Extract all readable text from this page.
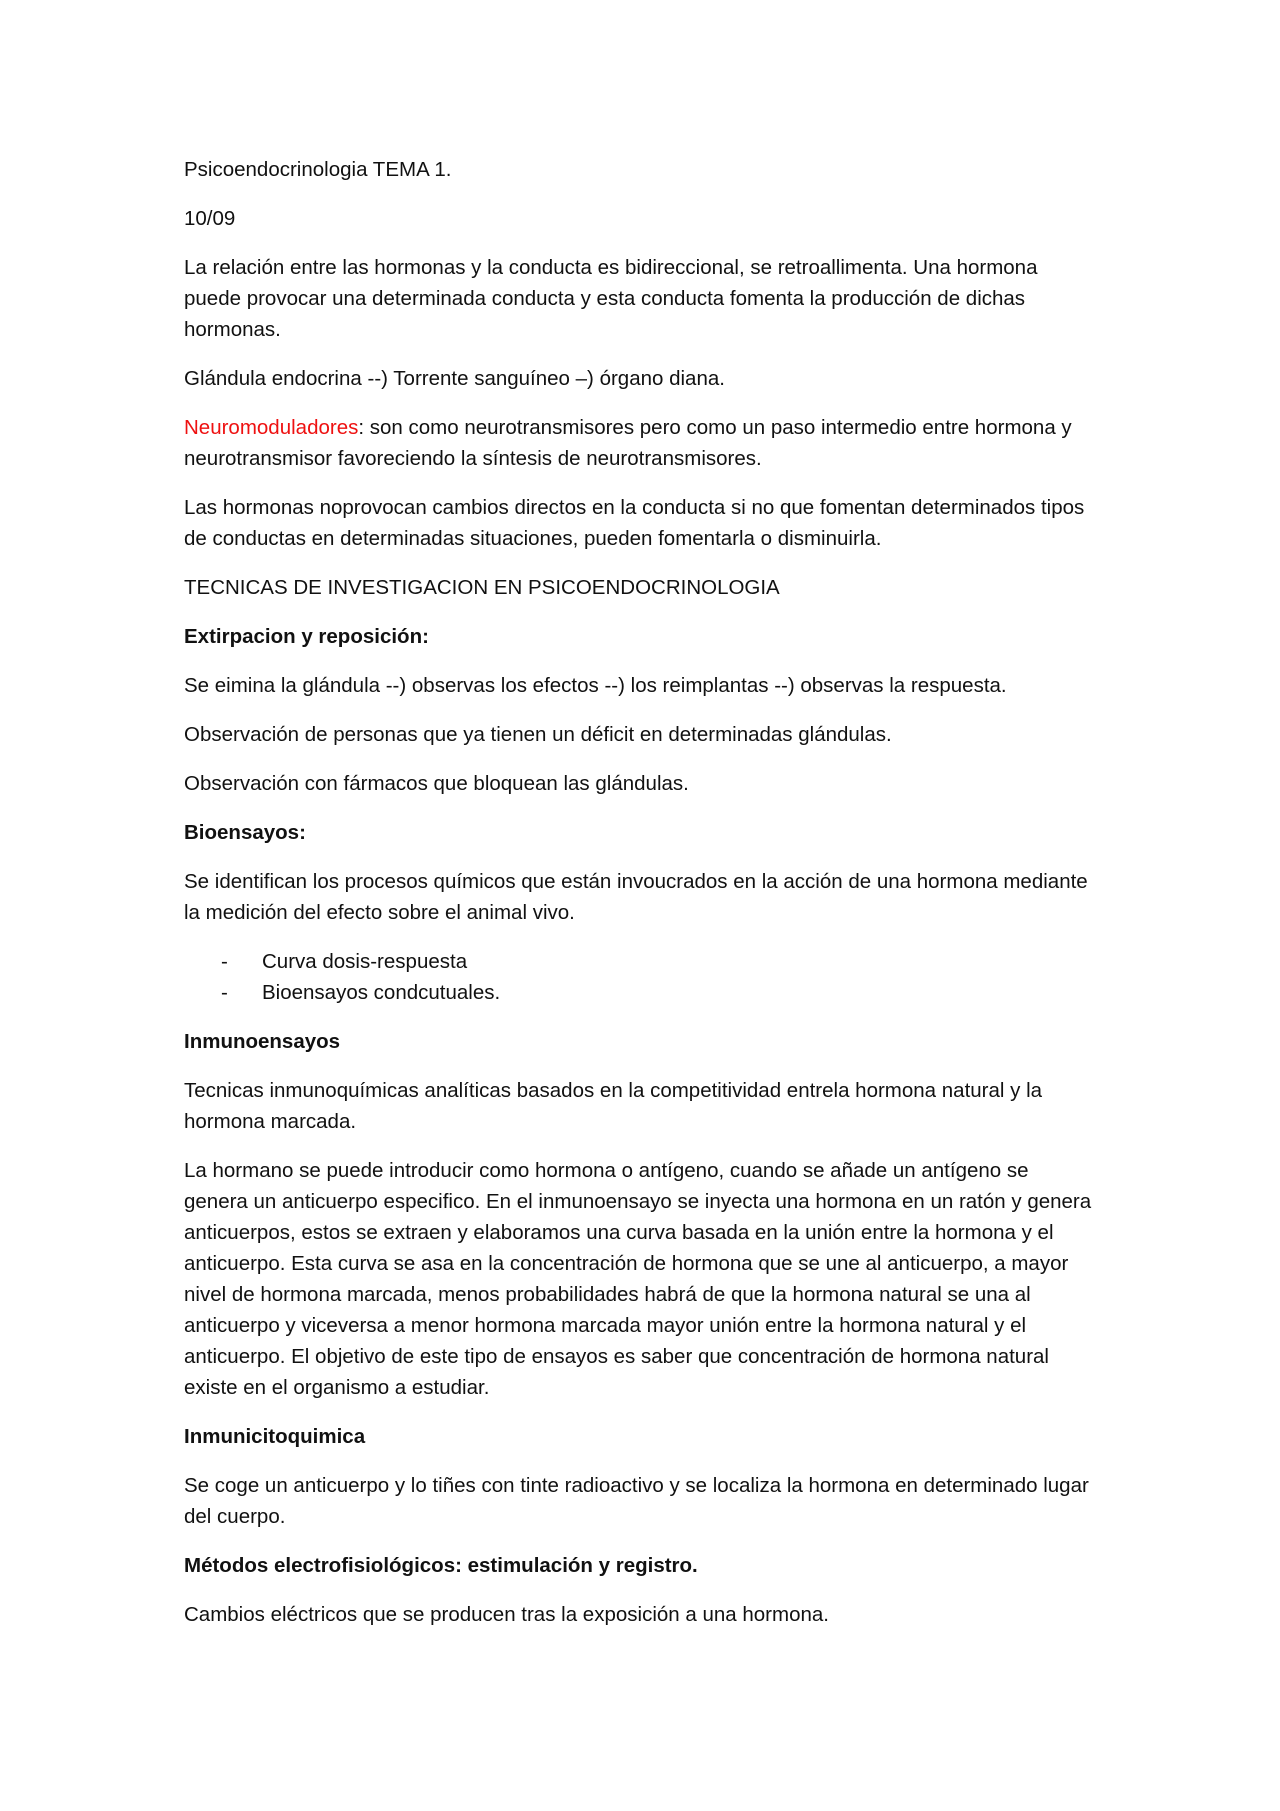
Psicoendocrinologia TEMA 1.

10/09

La relación entre las hormonas y la conducta es bidireccional, se retroallimenta. Una hormona puede provocar una determinada conducta y esta conducta fomenta la producción de dichas hormonas.

Glándula endocrina --) Torrente sanguíneo –) órgano diana.

Neuromoduladores: son como neurotransmisores pero como un paso intermedio entre hormona y neurotransmisor favoreciendo la síntesis de neurotransmisores.

Las hormonas noprovocan cambios directos en la conducta si no que fomentan determinados tipos de conductas en determinadas situaciones, pueden fomentarla o disminuirla.

TECNICAS DE INVESTIGACION EN PSICOENDOCRINOLOGIA

Extirpacion y reposición:

Se eimina la glándula --) observas los efectos --) los reimplantas --) observas la respuesta.

Observación de personas que ya tienen un déficit en determinadas glándulas.

Observación con fármacos que bloquean las glándulas.

Bioensayos:

Se identifican los procesos químicos que están invoucrados en la acción de una hormona mediante la medición del efecto sobre el animal vivo.

- Curva dosis-respuesta
- Bioensayos condcutuales.

Inmunoensayos

Tecnicas inmunoquímicas analíticas basados en la competitividad entrela hormona natural y la hormona marcada.

La hormano se puede introducir como hormona o antígeno, cuando se añade un antígeno se genera un anticuerpo especifico. En el inmunoensayo se inyecta una hormona en un ratón y genera anticuerpos, estos se extraen y elaboramos una curva basada en la unión entre la hormona y el anticuerpo. Esta curva se asa en la concentración de hormona que se une al anticuerpo, a mayor nivel de hormona marcada, menos probabilidades habrá de que la hormona natural se una al anticuerpo y viceversa a menor hormona marcada mayor unión entre la hormona natural y el anticuerpo. El objetivo de este tipo de ensayos es saber que concentración de hormona natural existe en el organismo a estudiar.

Inmunicitoquimica

Se coge un anticuerpo y lo tiñes con tinte radioactivo y se localiza la hormona en determinado lugar del cuerpo.

Métodos electrofisiológicos: estimulación y registro.

Cambios eléctricos que se producen tras la exposición a una hormona.
